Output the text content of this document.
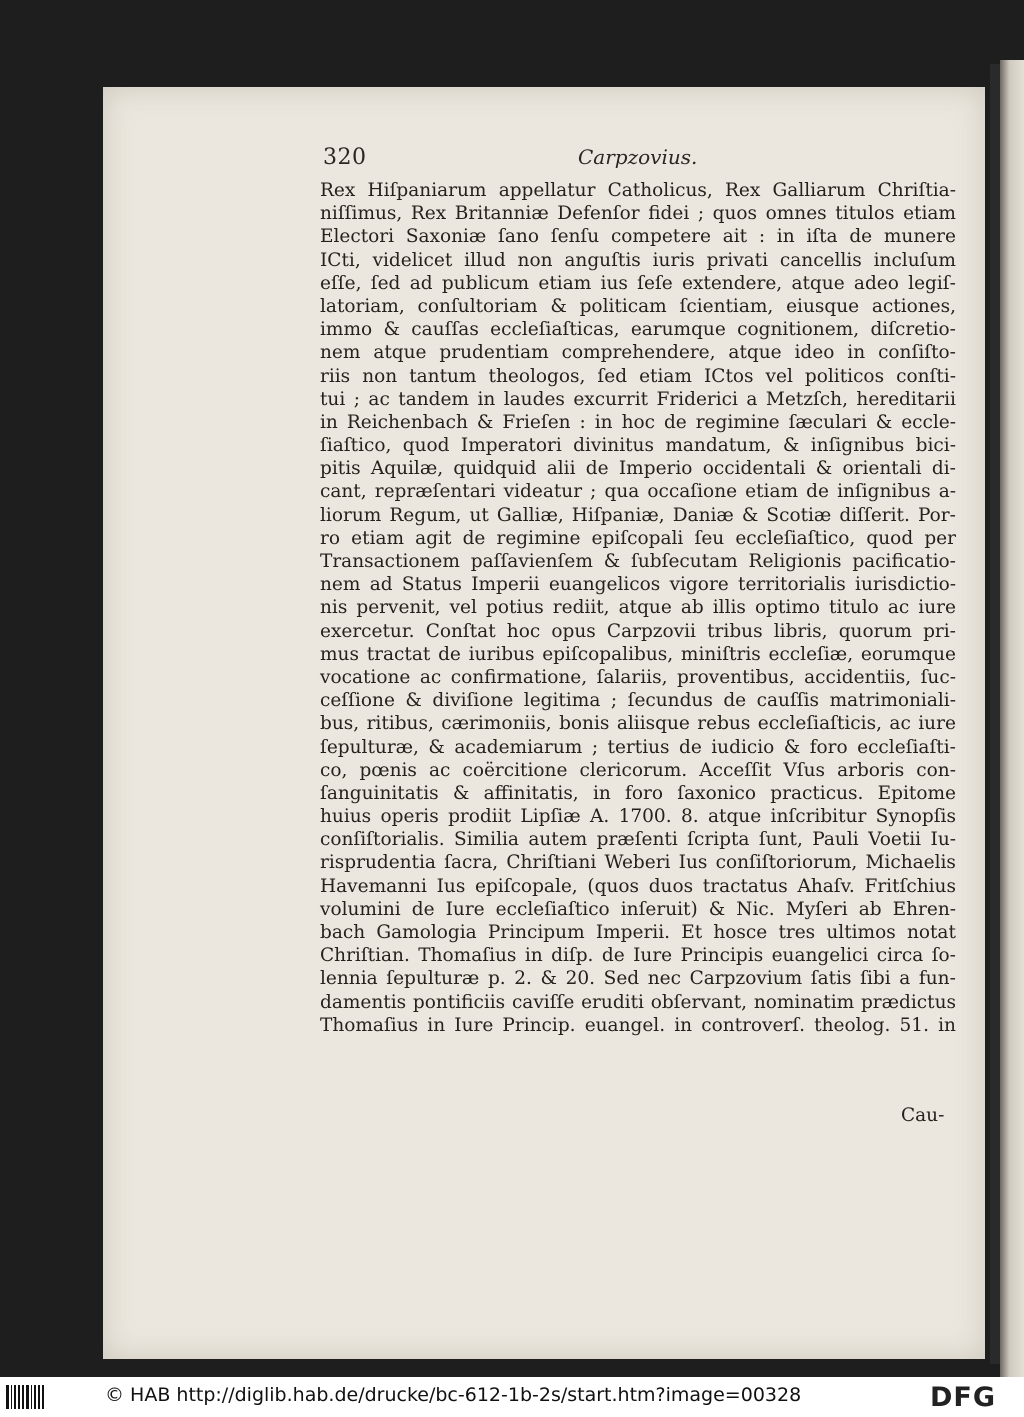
320	Carpzovius.
Rex Hiſpaniarum appellatur Catholicus, Rex Galliarum Chriſtia-
niſſimus, Rex Britanniæ Defenſor fidei ; quos omnes titulos etiam
Electori Saxoniæ ſano ſenſu competere ait : in iſta de munere
ICti, videlicet illud non anguſtis iuris privati cancellis incluſum
eſſe, ſed ad publicum etiam ius ſeſe extendere, atque adeo legiſ-
latoriam, conſultoriam & politicam ſcientiam, eiusque actiones,
immo & cauſſas eccleſiaſticas, earumque cognitionem, diſcretio-
nem atque prudentiam comprehendere, atque ideo in conſiſto-
riis non tantum theologos, ſed etiam ICtos vel politicos conſti-
tui ; ac tandem in laudes excurrit Friderici a Metzſch, hereditarii
in Reichenbach & Frieſen : in hoc de regimine ſæculari & eccle-
ſiaſtico, quod Imperatori divinitus mandatum, & inſignibus bici-
pitis Aquilæ, quidquid alii de Imperio occidentali & orientali di-
cant, repræſentari videatur ; qua occaſione etiam de inſignibus a-
liorum Regum, ut Galliæ, Hiſpaniæ, Daniæ & Scotiæ diſſerit. Por-
ro etiam agit de regimine epiſcopali ſeu eccleſiaſtico, quod per
Transactionem paſſavienſem & ſubſecutam Religionis pacificatio-
nem ad Status Imperii euangelicos vigore territorialis iurisdictio-
nis pervenit, vel potius rediit, atque ab illis optimo titulo ac iure
exercetur. Conſtat hoc opus Carpzovii tribus libris, quorum pri-
mus tractat de iuribus epiſcopalibus, miniſtris eccleſiæ, eorumque
vocatione ac confirmatione, ſalariis, proventibus, accidentiis, ſuc-
ceſſione & diviſione legitima ; ſecundus de cauſſis matrimoniali-
bus, ritibus, cærimoniis, bonis aliisque rebus eccleſiaſticis, ac iure
ſepulturæ, & academiarum ; tertius de iudicio & foro eccleſiaſti-
co, pœnis ac coërcitione clericorum. Acceſſit Vſus arboris con-
ſanguinitatis & affinitatis, in foro ſaxonico practicus. Epitome
huius operis prodiit Lipſiæ A. 1700. 8. atque inſcribitur Synopſis
conſiſtorialis. Similia autem præſenti ſcripta ſunt, Pauli Voetii Iu-
risprudentia ſacra, Chriſtiani Weberi Ius conſiſtoriorum, Michaelis
Havemanni Ius epiſcopale, (quos duos tractatus Ahaſv. Fritſchius
volumini de Iure eccleſiaſtico inſeruit) & Nic. Myſeri ab Ehren-
bach Gamologia Principum Imperii. Et hosce tres ultimos notat
Chriſtian. Thomaſius in diſp. de Iure Principis euangelici circa ſo-
lennia ſepulturæ p. 2. & 20. Sed nec Carpzovium ſatis ſibi a fun-
damentis pontificiis caviſſe eruditi obſervant, nominatim prædictus
Thomaſius in Iure Princip. euangel. in controverſ. theolog. 51. in
Cau-
© HAB http://diglib.hab.de/drucke/bc-612-1b-2s/start.htm?image=00328	DFG
